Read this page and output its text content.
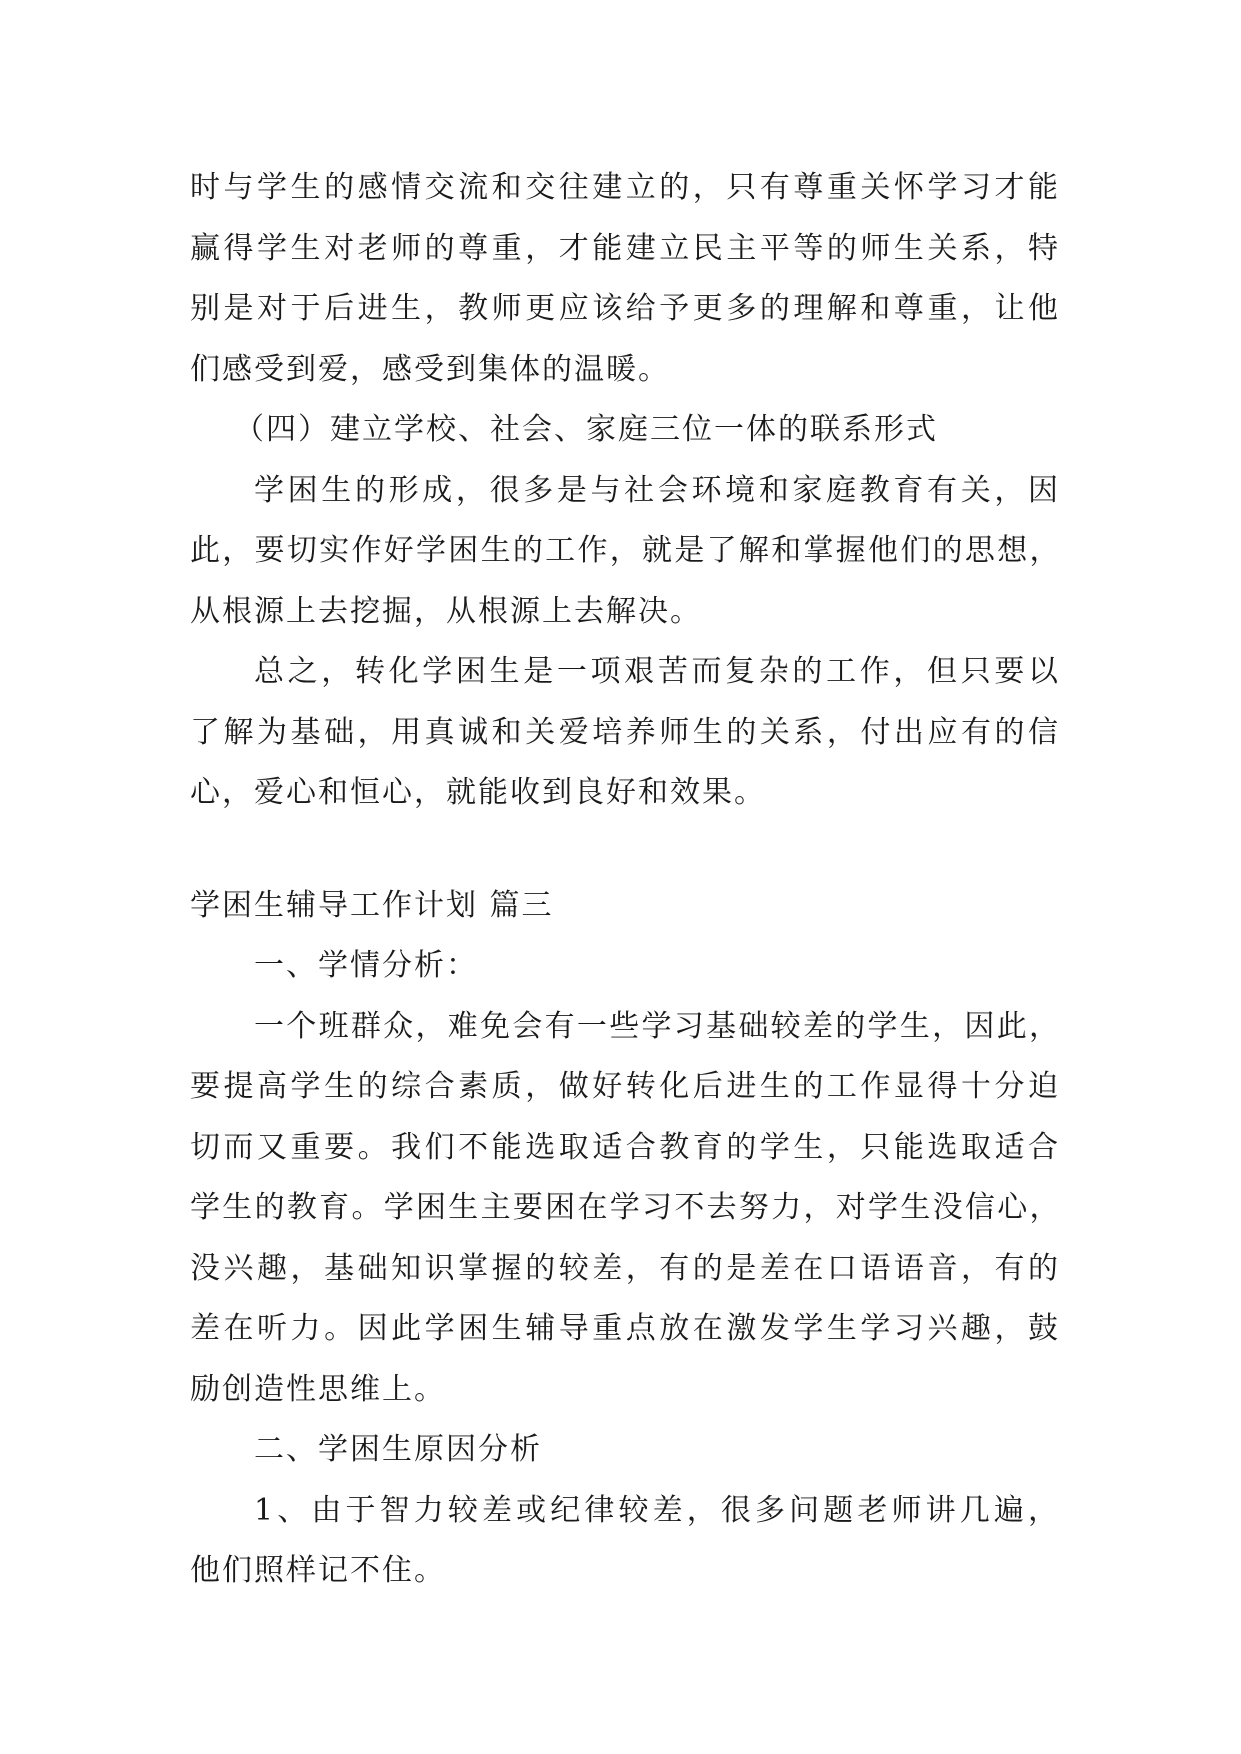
时与学生的感情交流和交往建立的，只有尊重关怀学习才能
赢得学生对老师的尊重，才能建立民主平等的师生关系，特
别是对于后进生，教师更应该给予更多的理解和尊重，让他
们感受到爱，感受到集体的温暖。
（四）建立学校、社会、家庭三位一体的联系形式
学困生的形成，很多是与社会环境和家庭教育有关，因
此，要切实作好学困生的工作，就是了解和掌握他们的思想，
从根源上去挖掘，从根源上去解决。
总之，转化学困生是一项艰苦而复杂的工作，但只要以
了解为基础，用真诚和关爱培养师生的关系，付出应有的信
心，爱心和恒心，就能收到良好和效果。
学困生辅导工作计划 篇三
一、学情分析：
一个班群众，难免会有一些学习基础较差的学生，因此，
要提高学生的综合素质，做好转化后进生的工作显得十分迫
切而又重要。我们不能选取适合教育的学生，只能选取适合
学生的教育。学困生主要困在学习不去努力，对学生没信心，
没兴趣，基础知识掌握的较差，有的是差在口语语音，有的
差在听力。因此学困生辅导重点放在激发学生学习兴趣，鼓
励创造性思维上。
二、学困生原因分析
1、由于智力较差或纪律较差，很多问题老师讲几遍，
他们照样记不住。
